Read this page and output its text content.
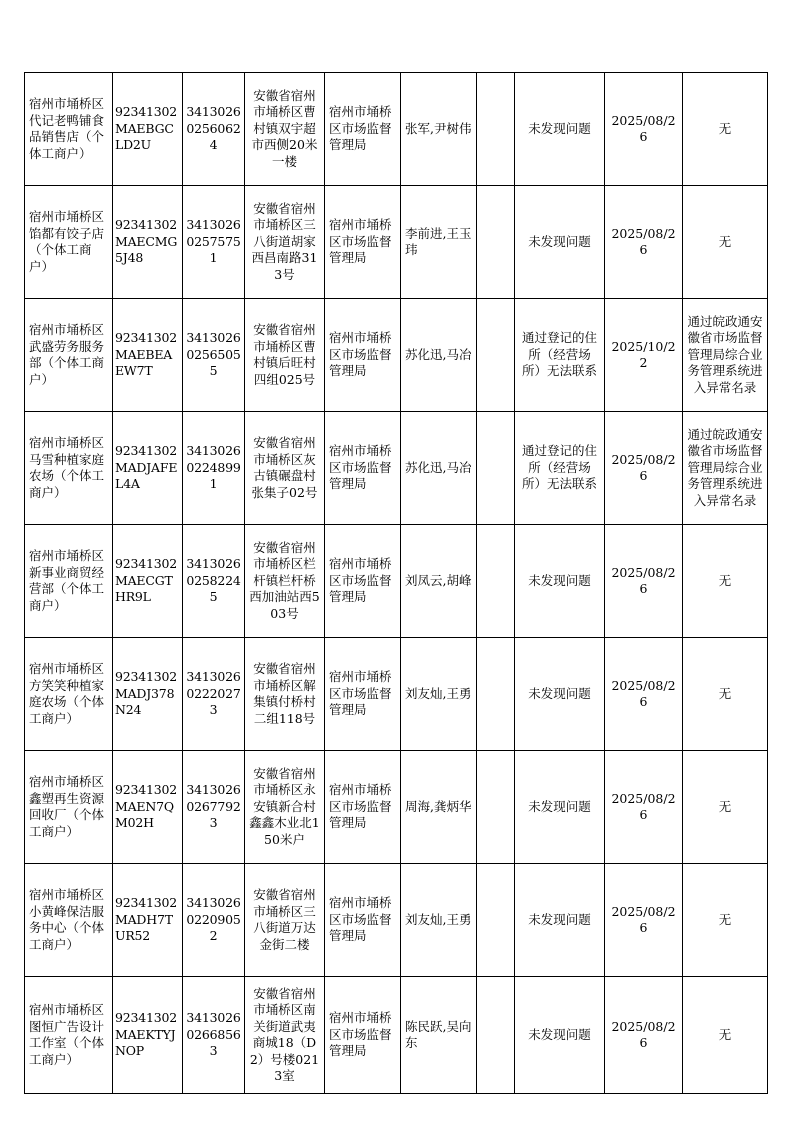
宿州市埇桥区代记老鸭铺食品销售店（个体工商户）	92341302MAEBGCLD2U	341302602560624	安徽省宿州市埇桥区曹村镇双宇超市西侧20米一楼	宿州市埇桥区市场监督管理局	张军,尹树伟		未发现问题	2025/08/26	无
宿州市埇桥区馅都有饺子店（个体工商户）	92341302MAECMG5J48	341302602575751	安徽省宿州市埇桥区三八街道胡家西昌南路313号	宿州市埇桥区市场监督管理局	李前进,王玉玮		未发现问题	2025/08/26	无
宿州市埇桥区武盛劳务服务部（个体工商户）	92341302MAEBEAEW7T	341302602565055	安徽省宿州市埇桥区曹村镇后旺村四组025号	宿州市埇桥区市场监督管理局	苏化迅,马冶		通过登记的住所（经营场所）无法联系	2025/10/22	通过皖政通安徽省市场监督管理局综合业务管理系统进入异常名录
宿州市埇桥区马雪种植家庭农场（个体工商户）	92341302MADJAFEL4A	341302602248991	安徽省宿州市埇桥区灰古镇碾盘村张集子02号	宿州市埇桥区市场监督管理局	苏化迅,马冶		通过登记的住所（经营场所）无法联系	2025/08/26	通过皖政通安徽省市场监督管理局综合业务管理系统进入异常名录
宿州市埇桥区新事业商贸经营部（个体工商户）	92341302MAECGTHR9L	341302602582245	安徽省宿州市埇桥区栏杆镇栏杆桥西加油站西503号	宿州市埇桥区市场监督管理局	刘凤云,胡峰		未发现问题	2025/08/26	无
宿州市埇桥区方笑笑种植家庭农场（个体工商户）	92341302MADJ378N24	341302602220273	安徽省宿州市埇桥区解集镇付桥村二组118号	宿州市埇桥区市场监督管理局	刘友灿,王勇		未发现问题	2025/08/26	无
宿州市埇桥区鑫塑再生资源回收厂（个体工商户）	92341302MAEN7QM02H	341302602677923	安徽省宿州市埇桥区永安镇新合村鑫鑫木业北150米户	宿州市埇桥区市场监督管理局	周海,龚炳华		未发现问题	2025/08/26	无
宿州市埇桥区小黄峰保洁服务中心（个体工商户）	92341302MADH7TUR52	341302602209052	安徽省宿州市埇桥区三八街道万达金街二楼	宿州市埇桥区市场监督管理局	刘友灿,王勇		未发现问题	2025/08/26	无
宿州市埇桥区图恒广告设计工作室（个体工商户）	92341302MAEKTYJNOP	341302602668563	安徽省宿州市埇桥区南关街道武夷商城18（D2）号楼0213室	宿州市埇桥区市场监督管理局	陈民跃,吴向东		未发现问题	2025/08/26	无
